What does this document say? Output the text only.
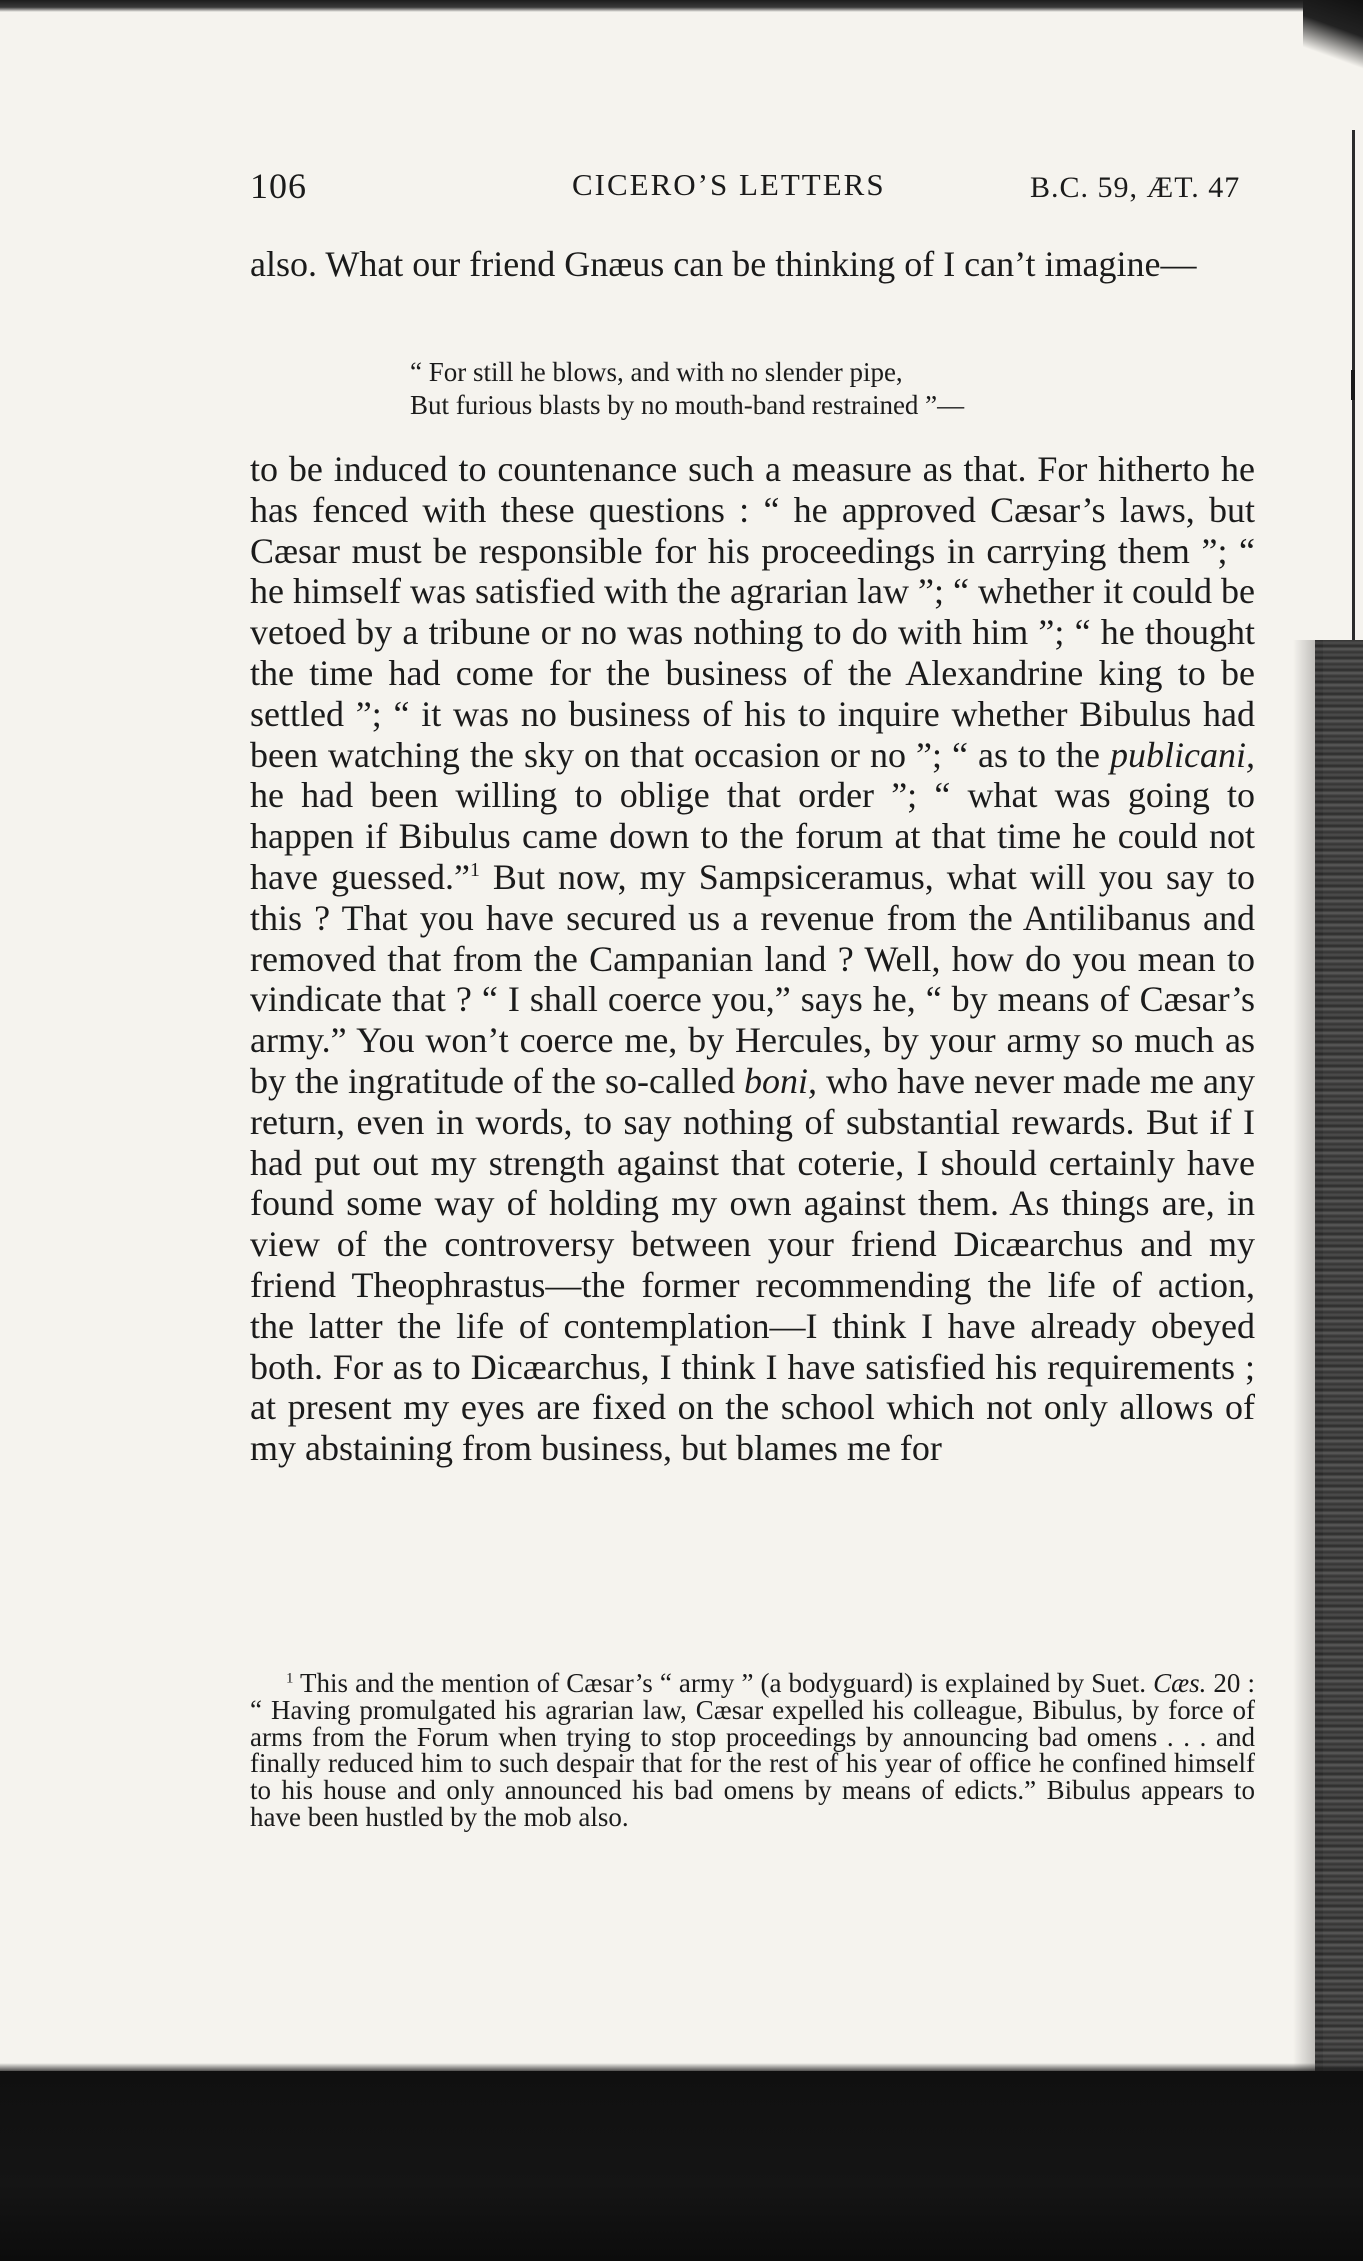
106	CICERO’S LETTERS	B.C. 59, ÆT. 47

also. What our friend Gnæus can be thinking of I can’t imagine—

“ For still he blows, and with no slender pipe,
But furious blasts by no mouth-band restrained ”—

to be induced to countenance such a measure as that. For hitherto he has fenced with these questions : “ he approved Cæsar’s laws, but Cæsar must be responsible for his proceedings in carrying them ”; “ he himself was satisfied with the agrarian law ”; “ whether it could be vetoed by a tribune or no was nothing to do with him ”; “ he thought the time had come for the business of the Alexandrine king to be settled ”; “ it was no business of his to inquire whether Bibulus had been watching the sky on that occasion or no ”; “ as to the publicani, he had been willing to oblige that order ”; “ what was going to happen if Bibulus came down to the forum at that time he could not have guessed.”$^1$ But now, my Sampsiceramus, what will you say to this ? That you have secured us a revenue from the Antilibanus and removed that from the Campanian land ? Well, how do you mean to vindicate that ? “ I shall coerce you,” says he, “ by means of Cæsar’s army.” You won’t coerce me, by Hercules, by your army so much as by the ingratitude of the so-called boni, who have never made me any return, even in words, to say nothing of substantial rewards. But if I had put out my strength against that coterie, I should certainly have found some way of holding my own against them. As things are, in view of the controversy between your friend Dicæarchus and my friend Theophrastus—the former recommending the life of action, the latter the life of contemplation—I think I have already obeyed both. For as to Dicæarchus, I think I have satisfied his requirements ; at present my eyes are fixed on the school which not only allows of my abstaining from business, but blames me for

$^1$ This and the mention of Cæsar’s “ army ” (a bodyguard) is explained by Suet. Cæs. 20 : “ Having promulgated his agrarian law, Cæsar expelled his colleague, Bibulus, by force of arms from the Forum when trying to stop proceedings by announcing bad omens . . . and finally reduced him to such despair that for the rest of his year of office he confined himself to his house and only announced his bad omens by means of edicts.” Bibulus appears to have been hustled by the mob also.
